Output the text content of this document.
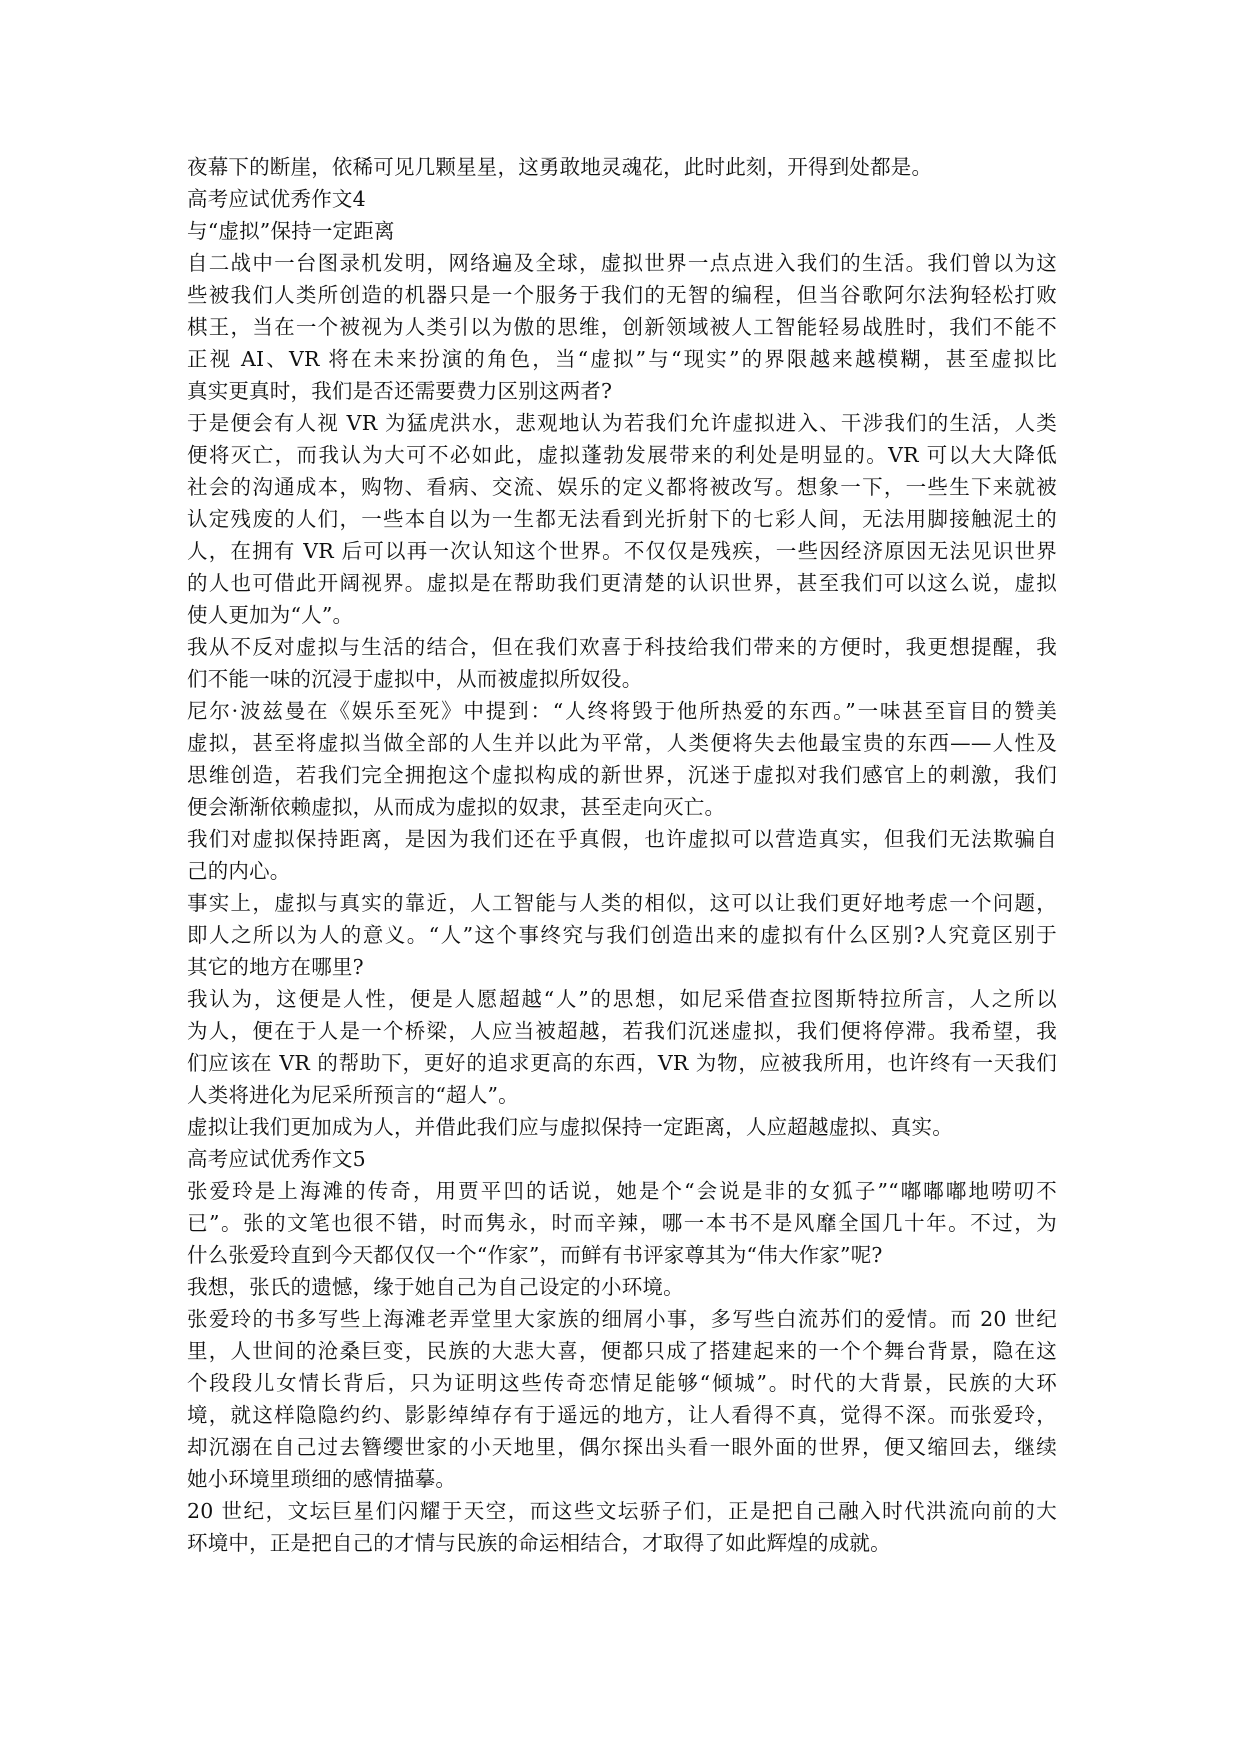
夜幕下的断崖，依稀可见几颗星星，这勇敢地灵魂花，此时此刻，开得到处都是。
高考应试优秀作文4
与“虚拟”保持一定距离
自二战中一台图录机发明，网络遍及全球，虚拟世界一点点进入我们的生活。我们曾以为这
些被我们人类所创造的机器只是一个服务于我们的无智的编程，但当谷歌阿尔法狗轻松打败
棋王，当在一个被视为人类引以为傲的思维，创新领域被人工智能轻易战胜时，我们不能不
正视 AI、VR 将在未来扮演的角色，当“虚拟”与“现实”的界限越来越模糊，甚至虚拟比
真实更真时，我们是否还需要费力区别这两者?
于是便会有人视 VR 为猛虎洪水，悲观地认为若我们允许虚拟进入、干涉我们的生活，人类
便将灭亡，而我认为大可不必如此，虚拟蓬勃发展带来的利处是明显的。VR 可以大大降低
社会的沟通成本，购物、看病、交流、娱乐的定义都将被改写。想象一下，一些生下来就被
认定残废的人们，一些本自以为一生都无法看到光折射下的七彩人间，无法用脚接触泥土的
人，在拥有 VR 后可以再一次认知这个世界。不仅仅是残疾，一些因经济原因无法见识世界
的人也可借此开阔视界。虚拟是在帮助我们更清楚的认识世界，甚至我们可以这么说，虚拟
使人更加为“人”。
我从不反对虚拟与生活的结合，但在我们欢喜于科技给我们带来的方便时，我更想提醒，我
们不能一味的沉浸于虚拟中，从而被虚拟所奴役。
尼尔·波兹曼在《娱乐至死》中提到：“人终将毁于他所热爱的东西。”一味甚至盲目的赞美
虚拟，甚至将虚拟当做全部的人生并以此为平常，人类便将失去他最宝贵的东西——人性及
思维创造，若我们完全拥抱这个虚拟构成的新世界，沉迷于虚拟对我们感官上的刺激，我们
便会渐渐依赖虚拟，从而成为虚拟的奴隶，甚至走向灭亡。
我们对虚拟保持距离，是因为我们还在乎真假，也许虚拟可以营造真实，但我们无法欺骗自
己的内心。
事实上，虚拟与真实的靠近，人工智能与人类的相似，这可以让我们更好地考虑一个问题，
即人之所以为人的意义。“人”这个事终究与我们创造出来的虚拟有什么区别?人究竟区别于
其它的地方在哪里?
我认为，这便是人性，便是人愿超越“人”的思想，如尼采借查拉图斯特拉所言，人之所以
为人，便在于人是一个桥梁，人应当被超越，若我们沉迷虚拟，我们便将停滞。我希望，我
们应该在 VR 的帮助下，更好的追求更高的东西，VR 为物，应被我所用，也许终有一天我们
人类将进化为尼采所预言的“超人”。
虚拟让我们更加成为人，并借此我们应与虚拟保持一定距离，人应超越虚拟、真实。
高考应试优秀作文5
张爱玲是上海滩的传奇，用贾平凹的话说，她是个“会说是非的女狐子”“嘟嘟嘟地唠叨不
已”。张的文笔也很不错，时而隽永，时而辛辣，哪一本书不是风靡全国几十年。不过，为
什么张爱玲直到今天都仅仅一个“作家”，而鲜有书评家尊其为“伟大作家”呢?
我想，张氏的遗憾，缘于她自己为自己设定的小环境。
张爱玲的书多写些上海滩老弄堂里大家族的细屑小事，多写些白流苏们的爱情。而 20 世纪
里，人世间的沧桑巨变，民族的大悲大喜，便都只成了搭建起来的一个个舞台背景，隐在这
个段段儿女情长背后，只为证明这些传奇恋情足能够“倾城”。时代的大背景，民族的大环
境，就这样隐隐约约、影影绰绰存有于遥远的地方，让人看得不真，觉得不深。而张爱玲，
却沉溺在自己过去簪缨世家的小天地里，偶尔探出头看一眼外面的世界，便又缩回去，继续
她小环境里琐细的感情描摹。
20 世纪，文坛巨星们闪耀于天空，而这些文坛骄子们，正是把自己融入时代洪流向前的大
环境中，正是把自己的才情与民族的命运相结合，才取得了如此辉煌的成就。
